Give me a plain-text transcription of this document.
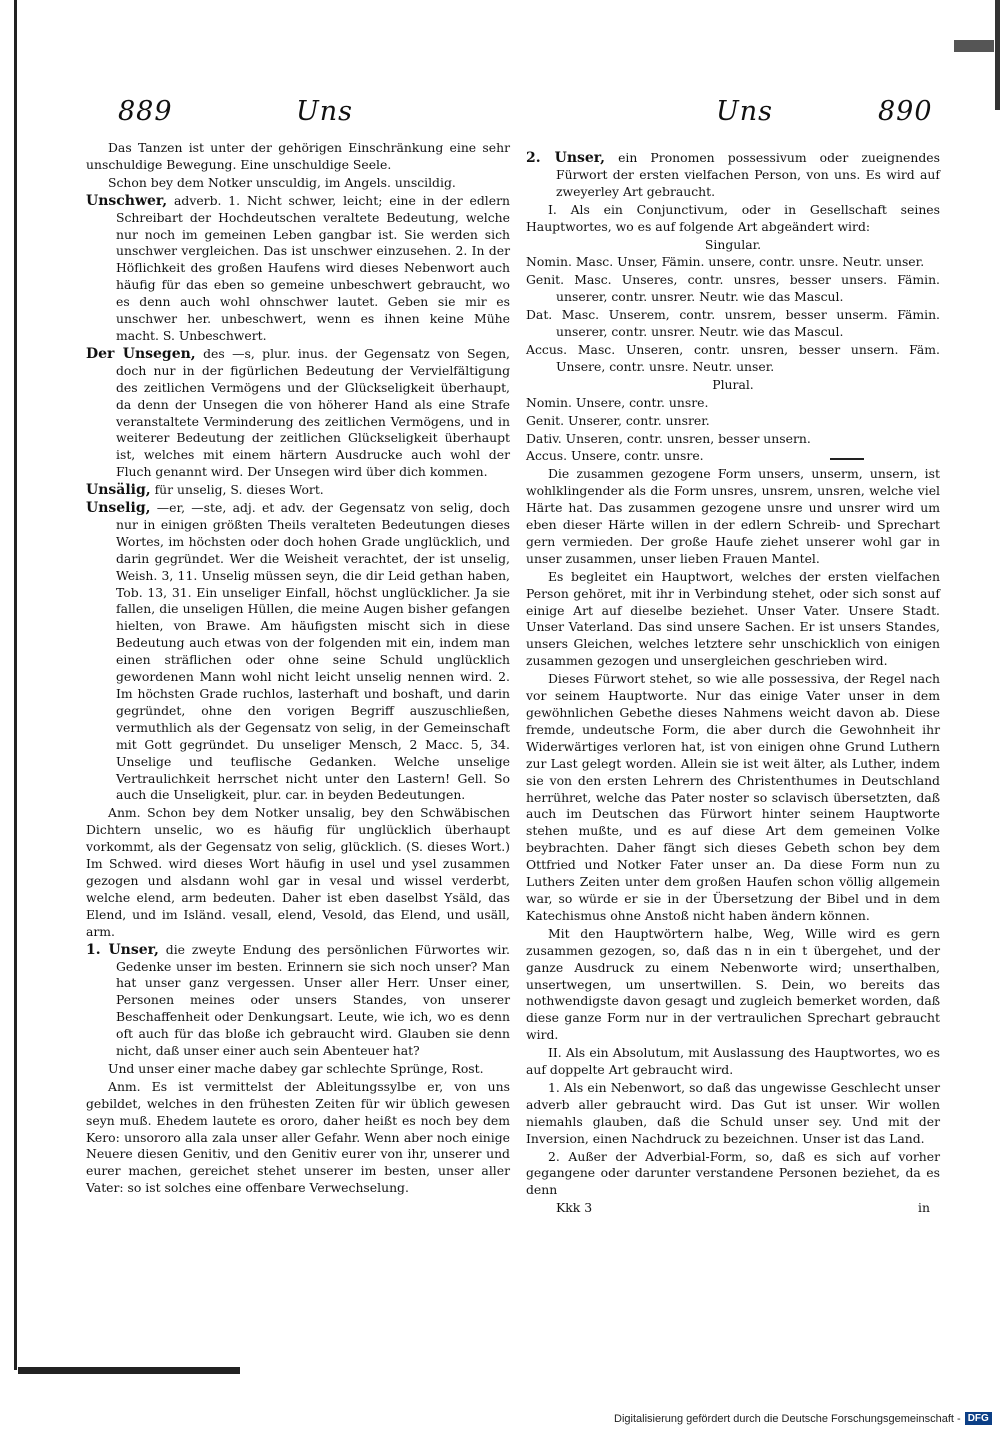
889	Uns	Uns	890

Das Tanzen ist unter der gehörigen Einschränkung eine sehr unschuldige Bewegung. Eine unschuldige Seele.

Schon bey dem Notker unsculdig, im Angels. unscildig.

Unschwer, adverb. 1. Nicht schwer, leicht; eine in der edlern Schreibart der Hochdeutschen veraltete Bedeutung, welche nur noch im gemeinen Leben gangbar ist. Sie werden sich unschwer vergleichen. Das ist unschwer einzusehen. 2. In der Höflichkeit des großen Haufens wird dieses Nebenwort auch häufig für das eben so gemeine unbeschwert gebraucht, wo es denn auch wohl ohnschwer lautet. Geben sie mir es unschwer her. unbeschwert, wenn es ihnen keine Mühe macht. S. Unbeschwert.

Der Unsegen, des —s, plur. inus. der Gegensatz von Segen, doch nur in der figürlichen Bedeutung der Vervielfältigung des zeitlichen Vermögens und der Glückseligkeit überhaupt, da denn der Unsegen die von höherer Hand als eine Strafe veranstaltete Verminderung des zeitlichen Vermögens, und in weiterer Bedeutung der zeitlichen Glückseligkeit überhaupt ist, welches mit einem härtern Ausdrucke auch wohl der Fluch genannt wird. Der Unsegen wird über dich kommen.

Unsälig, für unselig, S. dieses Wort.

Unselig, —er, —ste, adj. et adv. der Gegensatz von selig, doch nur in einigen größten Theils veralteten Bedeutungen dieses Wortes, im höchsten oder doch hohen Grade unglücklich, und darin gegründet. Wer die Weisheit verachtet, der ist unselig, Weish. 3, 11. Unselig müssen seyn, die dir Leid gethan haben, Tob. 13, 31. Ein unseliger Einfall, höchst unglücklicher. Ja sie fallen, die unseligen Hüllen, die meine Augen bisher gefangen hielten, von Brawe. Am häufigsten mischt sich in diese Bedeutung auch etwas von der folgenden mit ein, indem man einen sträflichen oder ohne seine Schuld unglücklich gewordenen Mann wohl nicht leicht unselig nennen wird. 2. Im höchsten Grade ruchlos, lasterhaft und boshaft, und darin gegründet, ohne den vorigen Begriff auszuschließen, vermuthlich als der Gegensatz von selig, in der Gemeinschaft mit Gott gegründet. Du unseliger Mensch, 2 Macc. 5, 34. Unselige und teuflische Gedanken. Welche unselige Vertraulichkeit herrschet nicht unter den Lastern! Gell. So auch die Unseligkeit, plur. car. in beyden Bedeutungen.

Anm. Schon bey dem Notker unsalig, bey den Schwäbischen Dichtern unselic, wo es häufig für unglücklich überhaupt vorkommt, als der Gegensatz von selig, glücklich. (S. dieses Wort.) Im Schwed. wird dieses Wort häufig in usel und ysel zusammen gezogen und alsdann wohl gar in vesal und wissel verderbt, welche elend, arm bedeuten. Daher ist eben daselbst Ysäld, das Elend, und im Isländ. vesall, elend, Vesold, das Elend, und usäll, arm.

1. Unser, die zweyte Endung des persönlichen Fürwortes wir. Gedenke unser im besten. Erinnern sie sich noch unser? Man hat unser ganz vergessen. Unser aller Herr. Unser einer, Personen meines oder unsers Standes, von unserer Beschaffenheit oder Denkungsart. Leute, wie ich, wo es denn oft auch für das bloße ich gebraucht wird. Glauben sie denn nicht, daß unser einer auch sein Abenteuer hat?

Und unser einer mache dabey gar schlechte Sprünge, Rost.

Anm. Es ist vermittelst der Ableitungssylbe er, von uns gebildet, welches in den frühesten Zeiten für wir üblich gewesen seyn muß. Ehedem lautete es ororo, daher heißt es noch bey dem Kero: unsororo alla zala unser aller Gefahr. Wenn aber noch einige Neuere diesen Genitiv, und den Genitiv eurer von ihr, unserer und eurer machen, gereichet stehet unserer im besten, unser aller Vater: so ist solches eine offenbare Verwechselung.

2. Unser, ein Pronomen possessivum oder zueignendes Fürwort der ersten vielfachen Person, von uns. Es wird auf zweyerley Art gebraucht.

I. Als ein Conjunctivum, oder in Gesellschaft seines Hauptwortes, wo es auf folgende Art abgeändert wird:

Singular.

Nomin. Masc. Unser, Fämin. unsere, contr. unsre. Neutr. unser.

Genit. Masc. Unseres, contr. unsres, besser unsers. Fämin. unserer, contr. unsrer. Neutr. wie das Mascul.

Dat. Masc. Unserem, contr. unsrem, besser unserm. Fämin. unserer, contr. unsrer. Neutr. wie das Mascul.

Accus. Masc. Unseren, contr. unsren, besser unsern. Fäm. Unsere, contr. unsre. Neutr. unser.

Plural.

Nomin. Unsere, contr. unsre.

Genit. Unserer, contr. unsrer.

Dativ. Unseren, contr. unsren, besser unsern.

Accus. Unsere, contr. unsre.

Die zusammen gezogene Form unsers, unserm, unsern, ist wohlklingender als die Form unsres, unsrem, unsren, welche viel Härte hat. Das zusammen gezogene unsre und unsrer wird um eben dieser Härte willen in der edlern Schreib- und Sprechart gern vermieden. Der große Haufe ziehet unserer wohl gar in unser zusammen, unser lieben Frauen Mantel.

Es begleitet ein Hauptwort, welches der ersten vielfachen Person gehöret, mit ihr in Verbindung stehet, oder sich sonst auf einige Art auf dieselbe beziehet. Unser Vater. Unsere Stadt. Unser Vaterland. Das sind unsere Sachen. Er ist unsers Standes, unsers Gleichen, welches letztere sehr unschicklich von einigen zusammen gezogen und unsergleichen geschrieben wird.

Dieses Fürwort stehet, so wie alle possessiva, der Regel nach vor seinem Hauptworte. Nur das einige Vater unser in dem gewöhnlichen Gebethe dieses Nahmens weicht davon ab. Diese fremde, undeutsche Form, die aber durch die Gewohnheit ihr Widerwärtiges verloren hat, ist von einigen ohne Grund Luthern zur Last gelegt worden. Allein sie ist weit älter, als Luther, indem sie von den ersten Lehrern des Christenthumes in Deutschland herrühret, welche das Pater noster so sclavisch übersetzten, daß auch im Deutschen das Fürwort hinter seinem Hauptworte stehen mußte, und es auf diese Art dem gemeinen Volke beybrachten. Daher fängt sich dieses Gebeth schon bey dem Ottfried und Notker Fater unser an. Da diese Form nun zu Luthers Zeiten unter dem großen Haufen schon völlig allgemein war, so würde er sie in der Übersetzung der Bibel und in dem Katechismus ohne Anstoß nicht haben ändern können.

Mit den Hauptwörtern halbe, Weg, Wille wird es gern zusammen gezogen, so, daß das n in ein t übergehet, und der ganze Ausdruck zu einem Nebenworte wird; unserthalben, unsertwegen, um unsertwillen. S. Dein, wo bereits das nothwendigste davon gesagt und zugleich bemerket worden, daß diese ganze Form nur in der vertraulichen Sprechart gebraucht wird.

II. Als ein Absolutum, mit Auslassung des Hauptwortes, wo es auf doppelte Art gebraucht wird.

1. Als ein Nebenwort, so daß das ungewisse Geschlecht unser adverb aller gebraucht wird. Das Gut ist unser. Wir wollen niemahls glauben, daß die Schuld unser sey. Und mit der Inversion, einen Nachdruck zu bezeichnen. Unser ist das Land.

2. Außer der Adverbial-Form, so, daß es sich auf vorher gegangene oder darunter verstandene Personen beziehet, da es denn

Kkk 3	in
Digitalisierung gefördert durch die Deutsche Forschungsgemeinschaft - DFG
